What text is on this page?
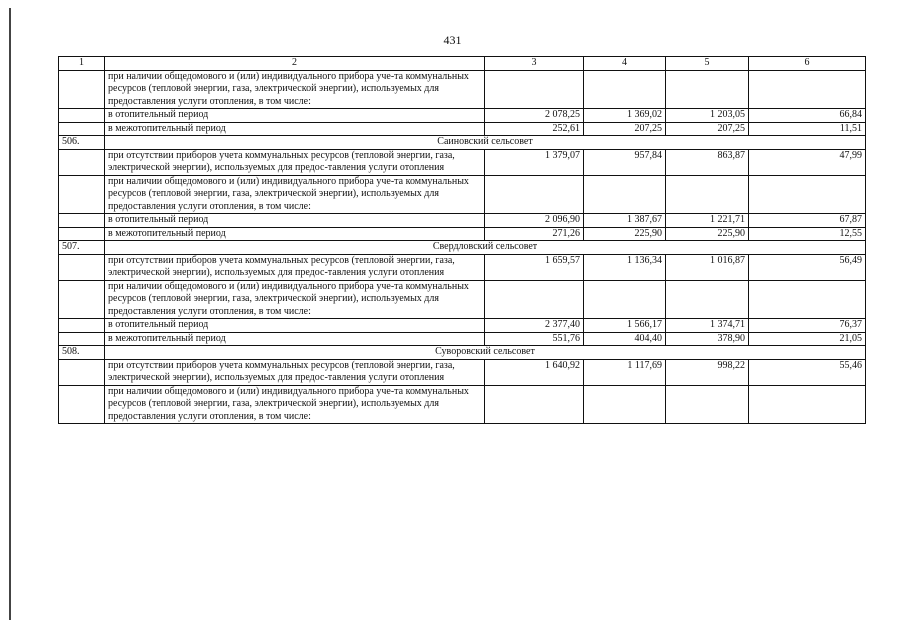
431
1	2	3	4	5	6
	при наличии общедомового и (или) индивидуального прибора уче-та коммунальных ресурсов (тепловой энергии, газа, электрической энергии), используемых для предоставления услуги отопления, в том числе:				
	в отопительный период	2 078,25	1 369,02	1 203,05	66,84
	в межотопительный период	252,61	207,25	207,25	11,51
506.	Саиновский сельсовет				
	при отсутствии приборов учета коммунальных ресурсов (тепловой энергии, газа, электрической энергии), используемых для предос-тавления услуги отопления	1 379,07	957,84	863,87	47,99
	при наличии общедомового и (или) индивидуального прибора уче-та коммунальных ресурсов (тепловой энергии, газа, электрической энергии), используемых для предоставления услуги отопления, в том числе:				
	в отопительный период	2 096,90	1 387,67	1 221,71	67,87
	в межотопительный период	271,26	225,90	225,90	12,55
507.	Свердловский сельсовет				
	при отсутствии приборов учета коммунальных ресурсов (тепловой энергии, газа, электрической энергии), используемых для предос-тавления услуги отопления	1 659,57	1 136,34	1 016,87	56,49
	при наличии общедомового и (или) индивидуального прибора уче-та коммунальных ресурсов (тепловой энергии, газа, электрической энергии), используемых для предоставления услуги отопления, в том числе:				
	в отопительный период	2 377,40	1 566,17	1 374,71	76,37
	в межотопительный период	551,76	404,40	378,90	21,05
508.	Суворовский сельсовет				
	при отсутствии приборов учета коммунальных ресурсов (тепловой энергии, газа, электрической энергии), используемых для предос-тавления услуги отопления	1 640,92	1 117,69	998,22	55,46
	при наличии общедомового и (или) индивидуального прибора уче-та коммунальных ресурсов (тепловой энергии, газа, электрической энергии), используемых для предоставления услуги отопления, в том числе:				
